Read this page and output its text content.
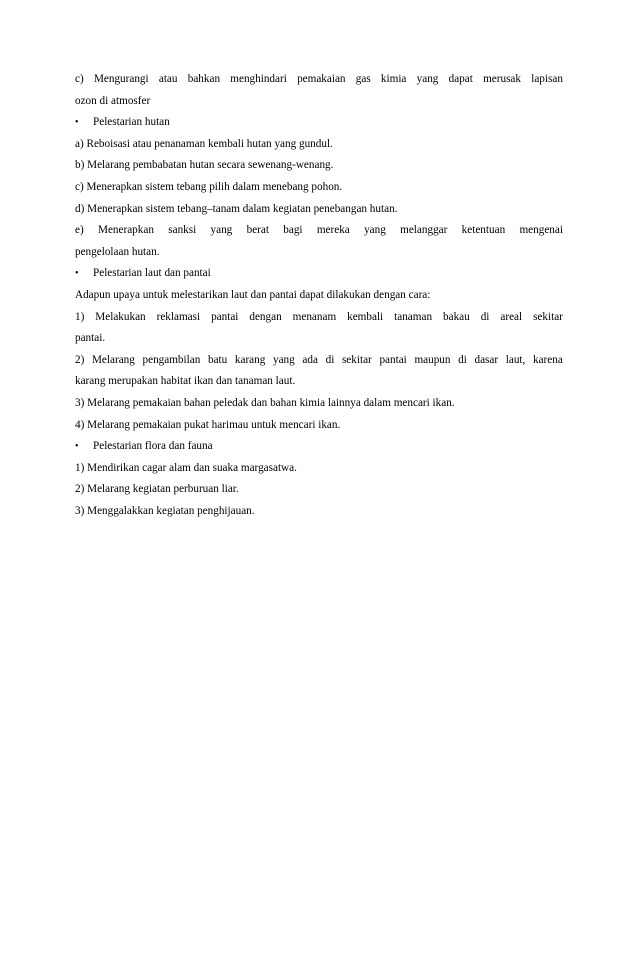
c) Mengurangi atau bahkan menghindari pemakaian gas kimia yang dapat merusak lapisan
ozon di atmosfer
• Pelestarian hutan
a) Reboisasi atau penanaman kembali hutan yang gundul.
b) Melarang pembabatan hutan secara sewenang-wenang.
c) Menerapkan sistem tebang pilih dalam menebang pohon.
d) Menerapkan sistem tebang–tanam dalam kegiatan penebangan hutan.
e) Menerapkan sanksi yang berat bagi mereka yang melanggar ketentuan mengenai
pengelolaan hutan.
• Pelestarian laut dan pantai
Adapun upaya untuk melestarikan laut dan pantai dapat dilakukan dengan cara:
1) Melakukan reklamasi pantai dengan menanam kembali tanaman bakau di areal sekitar
pantai.
2) Melarang pengambilan batu karang yang ada di sekitar pantai maupun di dasar laut, karena
karang merupakan habitat ikan dan tanaman laut.
3) Melarang pemakaian bahan peledak dan bahan kimia lainnya dalam mencari ikan.
4) Melarang pemakaian pukat harimau untuk mencari ikan.
• Pelestarian flora dan fauna
1) Mendirikan cagar alam dan suaka margasatwa.
2) Melarang kegiatan perburuan liar.
3) Menggalakkan kegiatan penghijauan.
